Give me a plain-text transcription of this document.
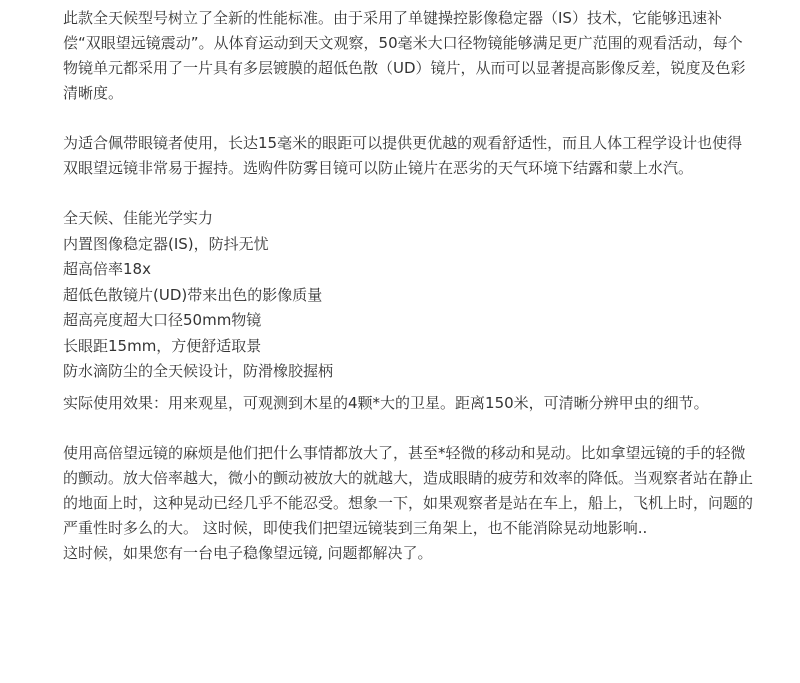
此款全天候型号树立了全新的性能标准。由于采用了单键操控影像稳定器（IS）技术，它能够迅速补偿“双眼望远镜震动”。从体育运动到天文观察，50毫米大口径物镜能够满足更广范围的观看活动，每个物镜单元都采用了一片具有多层镀膜的超低色散（UD）镜片，从而可以显著提高影像反差，锐度及色彩清晰度。

为适合佩带眼镜者使用，长达15毫米的眼距可以提供更优越的观看舒适性，而且人体工程学设计也使得双眼望远镜非常易于握持。选购件防雾目镜可以防止镜片在恶劣的天气环境下结露和蒙上水汽。

全天候、佳能光学实力
内置图像稳定器(IS)，防抖无忧
超高倍率18x
超低色散镜片(UD)带来出色的影像质量
超高亮度超大口径50mm物镜
长眼距15mm，方便舒适取景
防水滴防尘的全天候设计，防滑橡胶握柄

实际使用效果：用来观星，可观测到木星的4颗*大的卫星。距离150米，可清晰分辨甲虫的细节。

使用高倍望远镜的麻烦是他们把什么事情都放大了，甚至*轻微的移动和晃动。比如拿望远镜的手的轻微的颤动。放大倍率越大，微小的颤动被放大的就越大，造成眼睛的疲劳和效率的降低。当观察者站在静止的地面上时，这种晃动已经几乎不能忍受。想象一下，如果观察者是站在车上，船上，飞机上时，问题的严重性时多么的大。 这时候，即使我们把望远镜装到三角架上，也不能消除晃动地影响..

这时候，如果您有一台电子稳像望远镜, 问题都解决了。
